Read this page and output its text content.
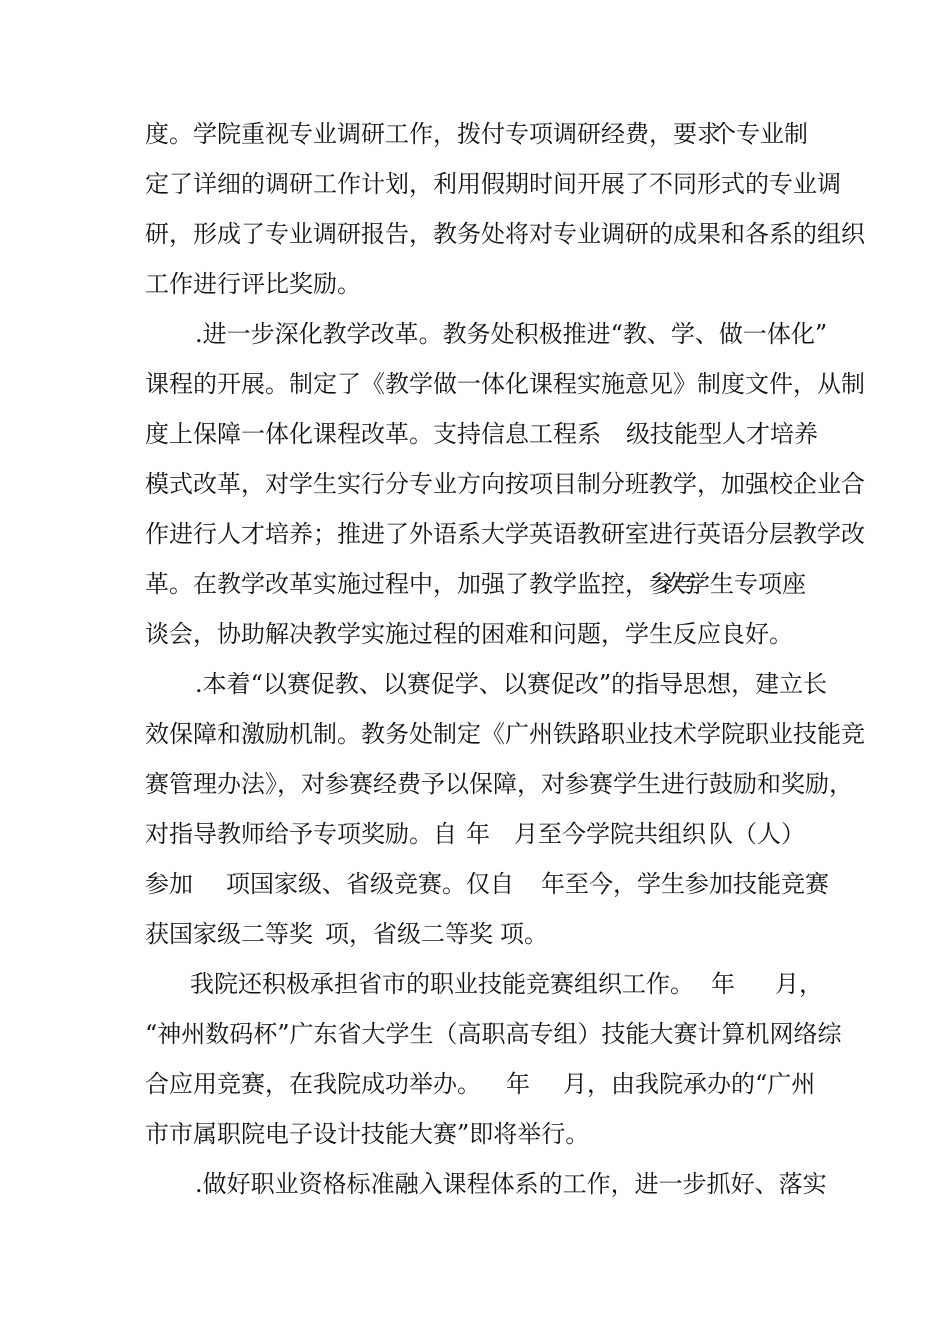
度。学院重视专业调研工作，拨付专项调研经费，要求

个专业制

定了详细的调研工作计划，利用假期时间开展了不同形式的专业调

研，形成了专业调研报告，教务处将对专业调研的成果和各系的组织

工作进行评比奖励。

.进一步深化教学改革。教务处积极推进“教、学、做一体化”

课程的开展。制定了《教学做一体化课程实施意见》制度文件，从制

度上保障一体化课程改革。支持信息工程系

级技能型人才培养

模式改革，对学生实行分专业方向按项目制分班教学，加强校企业合

作进行人才培养；推进了外语系大学英语教研室进行英语分层教学改

革。在教学改革实施过程中，加强了教学监控，参与

次学生专项座

谈会，协助解决教学实施过程的困难和问题，学生反应良好。

.本着“以赛促教、以赛促学、以赛促改”的指导思想，建立长

效保障和激励机制。教务处制定《广州铁路职业技术学院职业技能竞

赛管理办法》，对参赛经费予以保障，对参赛学生进行鼓励和奖励，

对指导教师给予专项奖励。自

年

月至今学院共组织

队（人）

参加

项国家级、省级竞赛。仅自

年至今，学生参加技能竞赛

获国家级二等奖

项，省级二等奖

项。

我院还积极承担省市的职业技能竞赛组织工作。

年

月，

“神州数码杯”广东省大学生（高职高专组）技能大赛计算机网络综

合应用竞赛，在我院成功举办。

年

月，由我院承办的“广州

市市属职院电子设计技能大赛”即将举行。

.做好职业资格标准融入课程体系的工作，进一步抓好、落实
